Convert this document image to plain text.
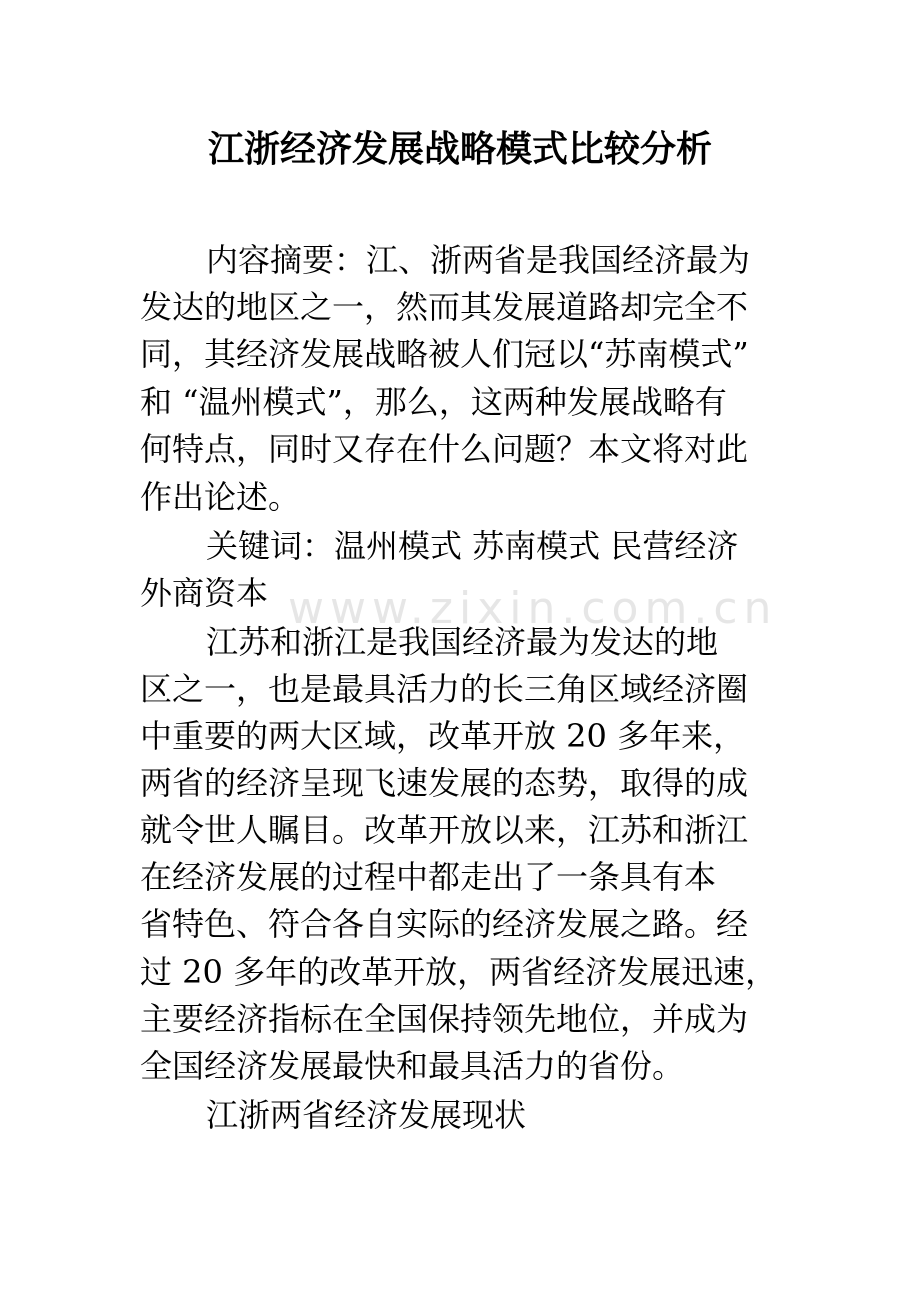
www.zixin.com.cn
江浙经济发展战略模式比较分析

内容摘要：江、浙两省是我国经济最为

发达的地区之一，然而其发展道路却完全不

同，其经济发展战略被人们冠以“苏南模式”

和 “温州模式”，那么，这两种发展战略有

何特点，同时又存在什么问题？本文将对此

作出论述。

关键词：温州模式 苏南模式 民营经济

外商资本

江苏和浙江是我国经济最为发达的地

区之一，也是最具活力的长三角区域经济圈

中重要的两大区域，改革开放 20 多年来，

两省的经济呈现飞速发展的态势，取得的成

就令世人瞩目。改革开放以来，江苏和浙江

在经济发展的过程中都走出了一条具有本

省特色、符合各自实际的经济发展之路。经

过 20 多年的改革开放，两省经济发展迅速，

主要经济指标在全国保持领先地位，并成为

全国经济发展最快和最具活力的省份。

江浙两省经济发展现状
